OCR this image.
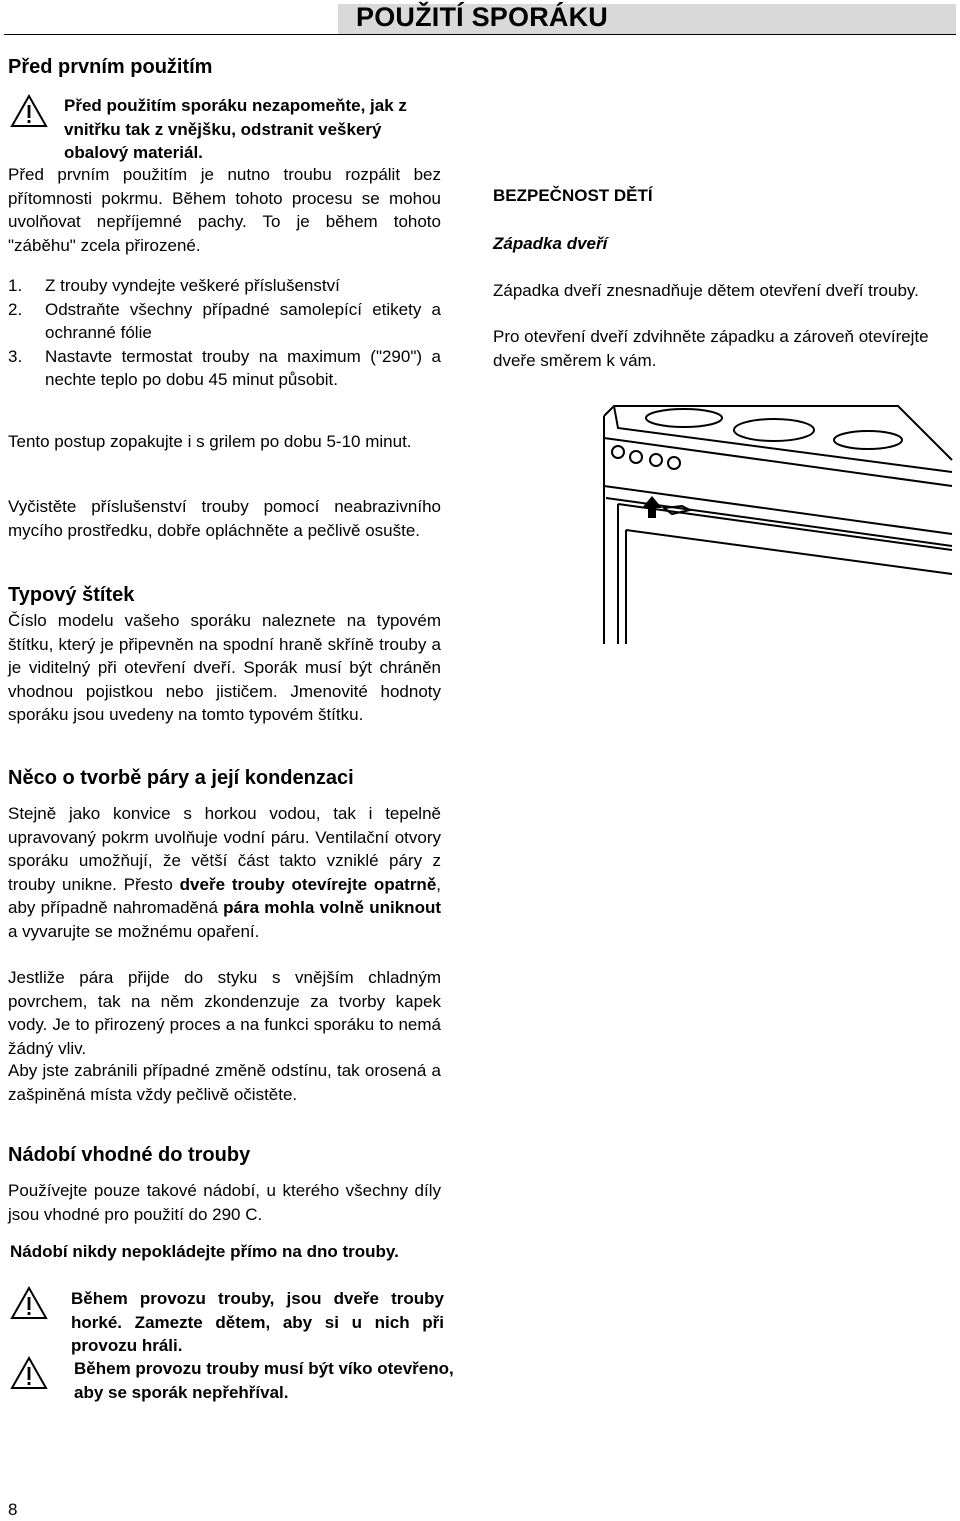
POUŽITÍ SPORÁKU
Před prvním použitím
Před použitím sporáku nezapomeňte, jak z vnitřku tak z vnějšku, odstranit veškerý obalový materiál.
Před prvním použitím je nutno troubu rozpálit bez přítomnosti pokrmu. Během tohoto procesu se mohou uvolňovat nepříjemné pachy. To je během tohoto "záběhu" zcela přirozené.
1. Z trouby vyndejte veškeré příslušenství
2. Odstraňte všechny případné samolepící etikety a ochranné fólie
3. Nastavte termostat trouby na maximum ("290") a nechte teplo po dobu 45 minut působit.
Tento postup zopakujte i s grilem po dobu 5-10 minut.
Vyčistěte příslušenství trouby pomocí neabrazivního mycího prostředku, dobře opláchněte a pečlivě osušte.
Typový štítek
Číslo modelu vašeho sporáku naleznete na typovém štítku, který je připevněn na spodní hraně skříně trouby a je viditelný při otevření dveří. Sporák musí být chráněn vhodnou pojistkou nebo jističem. Jmenovité hodnoty sporáku jsou uvedeny na tomto typovém štítku.
Něco o tvorbě páry a její kondenzaci
Stejně jako konvice s horkou vodou, tak i tepelně upravovaný pokrm uvolňuje vodní páru. Ventilační otvory sporáku umožňují, že větší část takto vzniklé páry z trouby unikne. Přesto dveře trouby otevírejte opatrně, aby případně nahromaděná pára mohla volně uniknout a vyvarujte se možnému opaření.
Jestliže pára přijde do styku s vnějším chladným povrchem, tak na něm zkondenzuje za tvorby kapek vody. Je to přirozený proces a na funkci sporáku to nemá žádný vliv.
Aby jste zabránili případné změně odstínu, tak orosená a zašpiněná místa vždy pečlivě očistěte.
Nádobí vhodné do trouby
Používejte pouze takové nádobí, u kterého všechny díly jsou vhodné pro použití do 290 C.
Nádobí nikdy nepokládejte přímo na dno trouby.
Během provozu trouby, jsou dveře trouby horké. Zamezte dětem, aby si u nich při provozu hráli.
Během provozu trouby musí být víko otevřeno, aby se sporák nepřehříval.
BEZPEČNOST DĚTÍ
Západka dveří
Západka dveří znesnadňuje dětem otevření dveří trouby.
Pro otevření dveří zdvihněte západku a zároveň otevírejte dveře směrem k vám.
8
